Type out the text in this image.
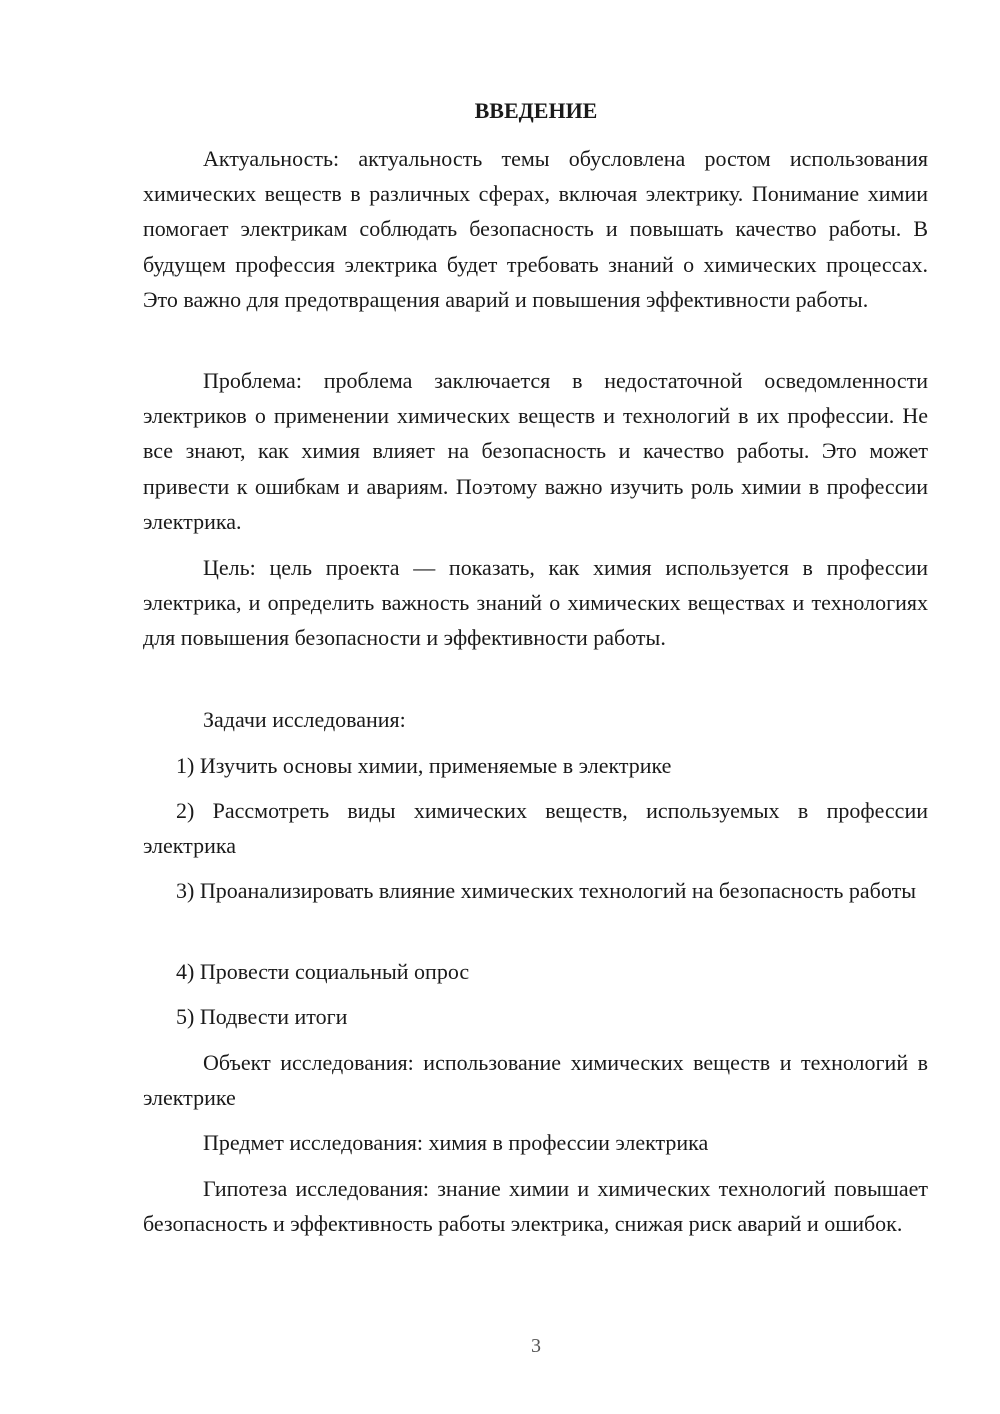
ВВЕДЕНИЕ

Актуальность: актуальность темы обусловлена ростом использования химических веществ в различных сферах, включая электрику. Понимание химии помогает электрикам соблюдать безопасность и повышать качество работы. В будущем профессия электрика будет требовать знаний о химических процессах. Это важно для предотвращения аварий и повышения эффективности работы.

Проблема: проблема заключается в недостаточной осведомленности электриков о применении химических веществ и технологий в их профессии. Не все знают, как химия влияет на безопасность и качество работы. Это может привести к ошибкам и авариям. Поэтому важно изучить роль химии в профессии электрика.

Цель: цель проекта — показать, как химия используется в профессии электрика, и определить важность знаний о химических веществах и технологиях для повышения безопасности и эффективности работы.

Задачи исследования:

1) Изучить основы химии, применяемые в электрике

2) Рассмотреть виды химических веществ, используемых в профессии электрика

3) Проанализировать влияние химических технологий на безопасность работы

4) Провести социальный опрос

5) Подвести итоги

Объект исследования: использование химических веществ и технологий в электрике

Предмет исследования: химия в профессии электрика

Гипотеза исследования: знание химии и химических технологий повышает безопасность и эффективность работы электрика, снижая риск аварий и ошибок.

3
